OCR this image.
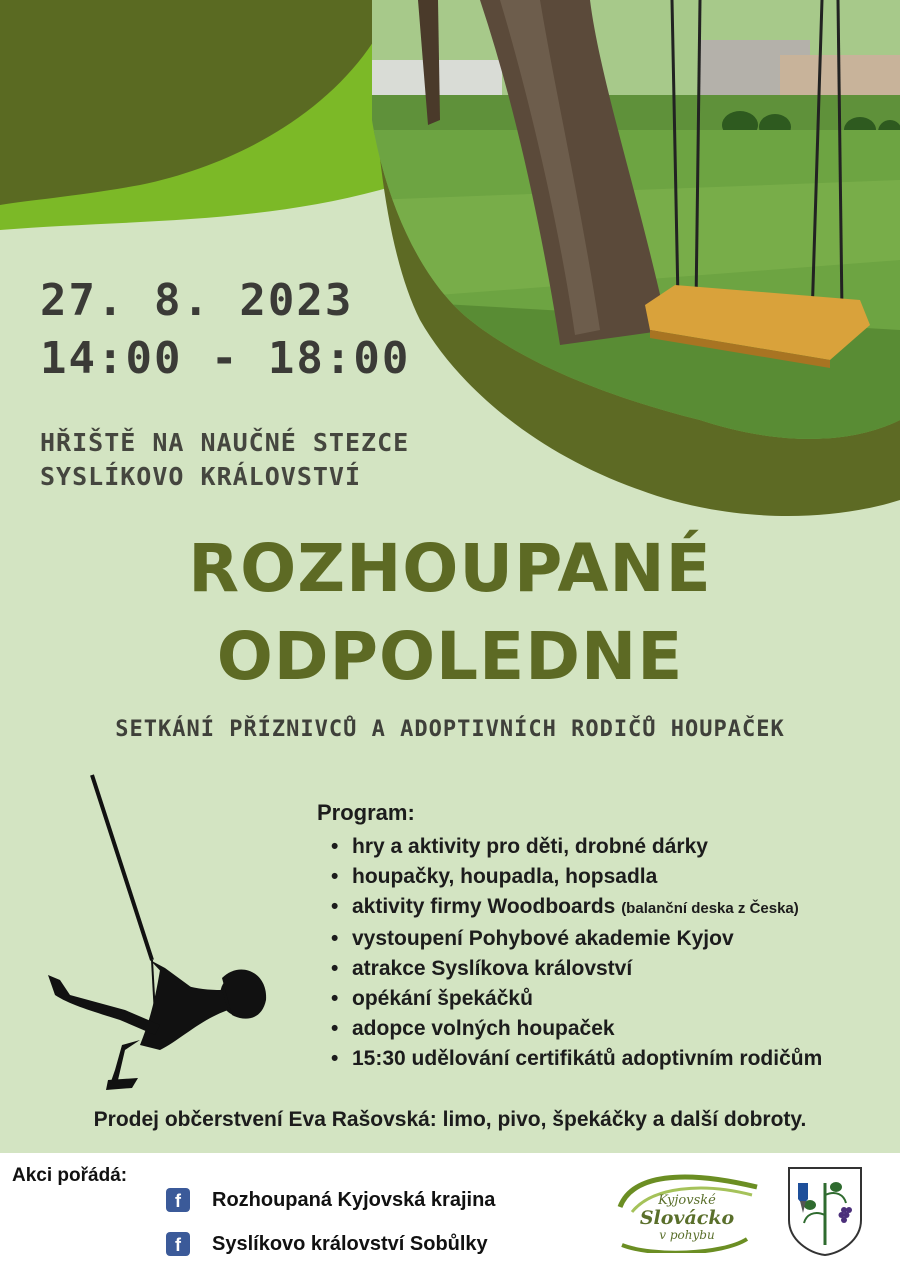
27. 8. 2023
14:00 - 18:00
HŘIŠTĚ NA NAUČNÉ STEZCE
SYSLÍKOVO KRÁLOVSTVÍ
ROZHOUPANÉ
ODPOLEDNE
SETKÁNÍ PŘÍZNIVCŮ A ADOPTIVNÍCH RODIČŮ HOUPAČEK
Program:
• hry a aktivity pro děti, drobné dárky
• houpačky, houpadla, hopsadla
• aktivity firmy Woodboards (balanční deska z Česka)
• vystoupení Pohybové akademie Kyjov
• atrakce Syslíkova království
• opékání špekáčků
• adopce volných houpaček
• 15:30 udělování certifikátů adoptivním rodičům
Prodej občerstvení Eva Rašovská: limo, pivo, špekáčky a další dobroty.
Akci pořádá:
f	Rozhoupaná Kyjovská krajina
f	Syslíkovo království Sobůlky
Kyjovské
Slovácko
v pohybu
